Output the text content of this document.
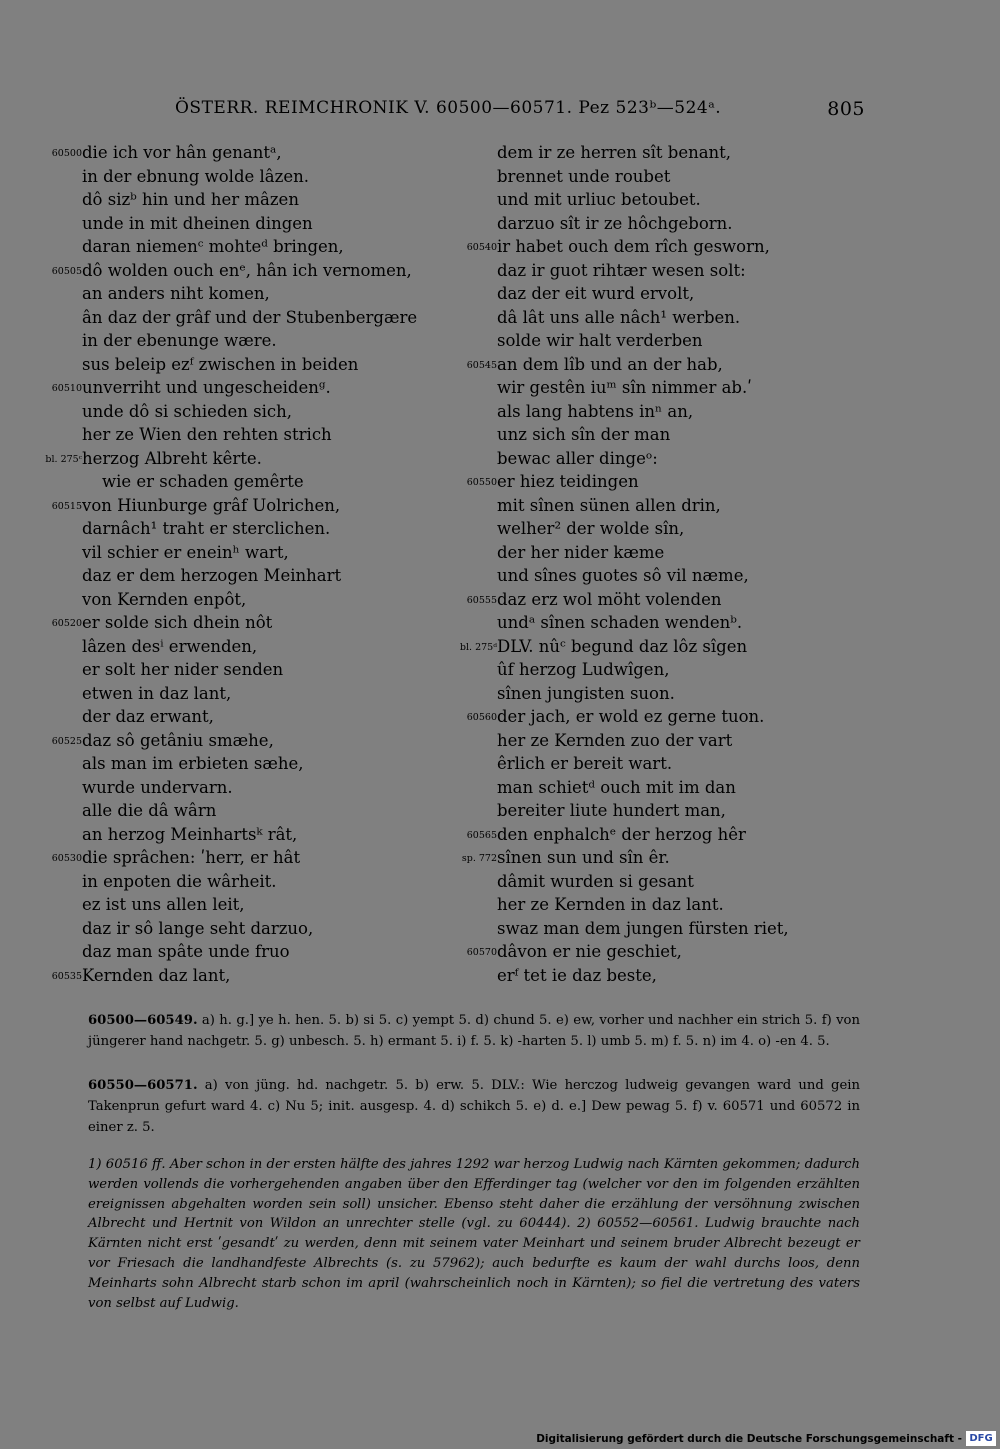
ÖSTERR. REIMCHRONIK V. 60500—60571. Pez 523ᵇ—524ᵃ.	805
60500 die ich vor hân genantᵃ,
in der ebnung wolde lâzen.
dô sizᵇ hin und her mâzen
unde in mit dheinen dingen
daran niemenᶜ mohteᵈ bringen,
60505 dô wolden ouch enᵉ, hân ich vernomen,
an anders niht komen,
ân daz der grâf und der Stubenbergære
in der ebenunge wære.
sus beleip ezᶠ zwischen in beiden
60510 unverriht und ungescheidenᵍ.
unde dô si schieden sich,
her ze Wien den rehten strich
bl. 275ᶜ herzog Albreht kêrte.
wie er schaden gemêrte
60515 von Hiunburge grâf Uolrichen,
darnâch¹ traht er sterclichen.
vil schier er eneinʰ wart,
daz er dem herzogen Meinhart
von Kernden enpôt,
60520 er solde sich dhein nôt
lâzen desⁱ erwenden,
er solt her nider senden
etwen in daz lant,
der daz erwant,
60525 daz sô getâniu smæhe,
als man im erbieten sæhe,
wurde undervarn.
alle die dâ wârn
an herzog Meinhartsᵏ rât,
60530 die sprâchen: ʹherr, er hât
in enpoten die wârheit.
ez ist uns allen leit,
daz ir sô lange seht darzuo,
daz man spâte unde fruo
60535 Kernden daz lant,
dem ir ze herren sît benant,
brennet unde roubet
und mit urliuc betoubet.
darzuo sît ir ze hôchgeborn.
60540 ir habet ouch dem rîch gesworn,
daz ir guot rihtær wesen solt:
daz der eit wurd ervolt,
dâ lât uns alle nâch¹ werben.
solde wir halt verderben
60545 an dem lîb und an der hab,
wir gestên iuᵐ sîn nimmer ab.ʹ
als lang habtens inⁿ an,
unz sich sîn der man
bewac aller dingeᵒ:
60550 er hiez teidingen
mit sînen sünen allen drin,
welher² der wolde sîn,
der her nider kæme
und sînes guotes sô vil næme,
60555 daz erz wol möht volenden
undᵃ sînen schaden wendenᵇ.
bl. 275ᵈ DLV. nûᶜ begund daz lôz sîgen
ûf herzog Ludwîgen,
sînen jungisten suon.
60560 der jach, er wold ez gerne tuon.
her ze Kernden zuo der vart
êrlich er bereit wart.
man schietᵈ ouch mit im dan
bereiter liute hundert man,
60565 den enphalchᵉ der herzog hêr
sp. 772 sînen sun und sîn êr.
dâmit wurden si gesant
her ze Kernden in daz lant.
swaz man dem jungen fürsten riet,
60570 dâvon er nie geschiet,
erᶠ tet ie daz beste,
60500—60549. a) h. g.] ye h. hen. 5. b) si 5. c) yempt 5. d) chund 5. e) ew, vorher und nachher ein strich 5. f) von jüngerer hand nachgetr. 5. g) unbesch. 5. h) ermant 5. i) f. 5. k) -harten 5. l) umb 5. m) f. 5. n) im 4. o) -en 4. 5.
60550—60571. a) von jüng. hd. nachgetr. 5. b) erw. 5. DLV.: Wie herczog ludweig gevangen ward und gein Takenprun gefurt ward 4. c) Nu 5; init. ausgesp. 4. d) schikch 5. e) d. e.] Dew pewag 5. f) v. 60571 und 60572 in einer z. 5.
1) 60516 ff. Aber schon in der ersten hälfte des jahres 1292 war herzog Ludwig nach Kärnten gekommen; dadurch werden vollends die vorhergehenden angaben über den Efferdinger tag (welcher vor den im folgenden erzählten ereignissen abgehalten worden sein soll) unsicher. Ebenso steht daher die erzählung der versöhnung zwischen Albrecht und Hertnit von Wildon an unrechter stelle (vgl. zu 60444). 2) 60552—60561. Ludwig brauchte nach Kärnten nicht erst ʹgesandtʹ zu werden, denn mit seinem vater Meinhart und seinem bruder Albrecht bezeugt er vor Friesach die landhandfeste Albrechts (s. zu 57962); auch bedurfte es kaum der wahl durchs loos, denn Meinharts sohn Albrecht starb schon im april (wahrscheinlich noch in Kärnten); so fiel die vertretung des vaters von selbst auf Ludwig.
Digitalisierung gefördert durch die Deutsche Forschungsgemeinschaft - DFG
